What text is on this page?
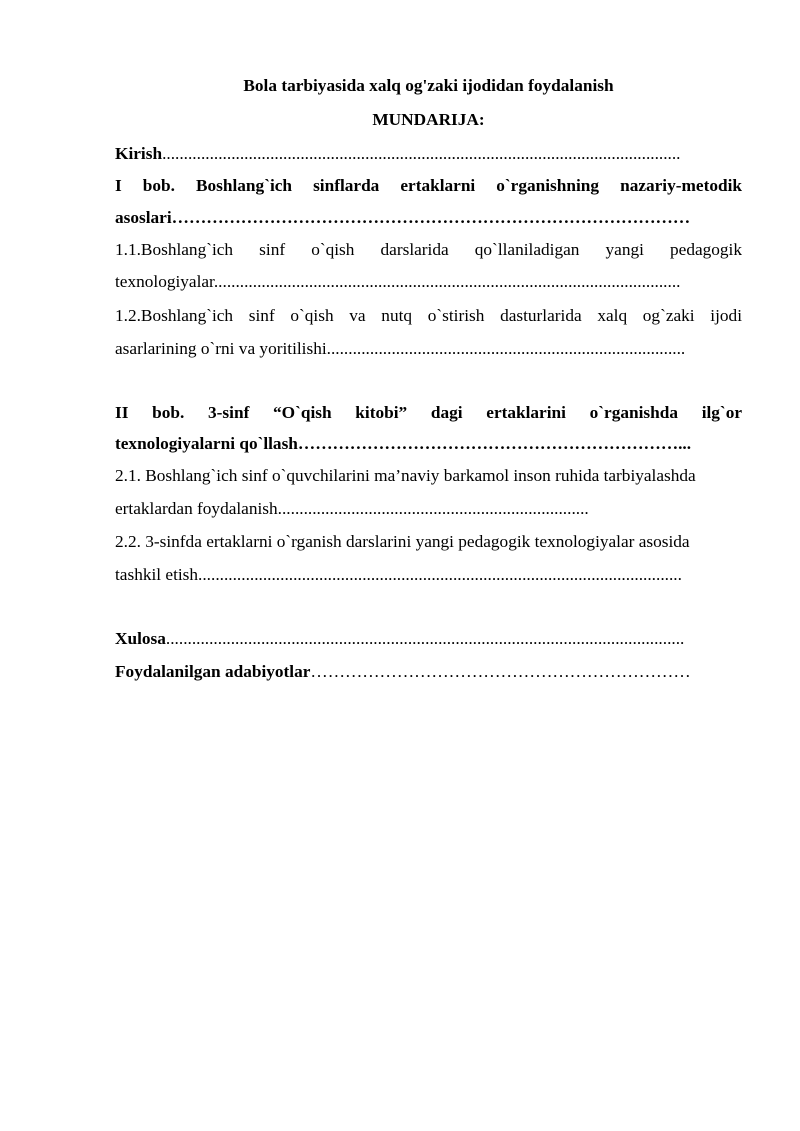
Bola tarbiyasida xalq og'zaki ijodidan foydalanish
MUNDARIJA:
Kirish........................................................................................................................
I bob. Boshlang`ich sinflarda ertaklarni o`rganishning nazariy-metodik
asoslari………………………………………………………………………………
1.1.Boshlang`ich sinf o`qish darslarida qo`llaniladigan yangi pedagogik
texnologiyalar............................................................................................................
1.2.Boshlang`ich sinf o`qish va nutq o`stirish dasturlarida xalq og`zaki ijodi
asarlarining o`rni va yoritilishi...................................................................................
II bob. 3-sinf “O`qish kitobi” dagi ertaklarini o`rganishda ilg`or
texnologiyalarni qo`llash…………………………………………………………...
2.1. Boshlang`ich sinf o`quvchilarini ma’naviy barkamol inson ruhida tarbiyalashda
ertaklardan foydalanish........................................................................
2.2. 3-sinfda ertaklarni o`rganish darslarini yangi pedagogik texnologiyalar asosida
tashkil etish................................................................................................................
Xulosa........................................................................................................................
Foydalanilgan adabiyotlar…………………………………………………………
